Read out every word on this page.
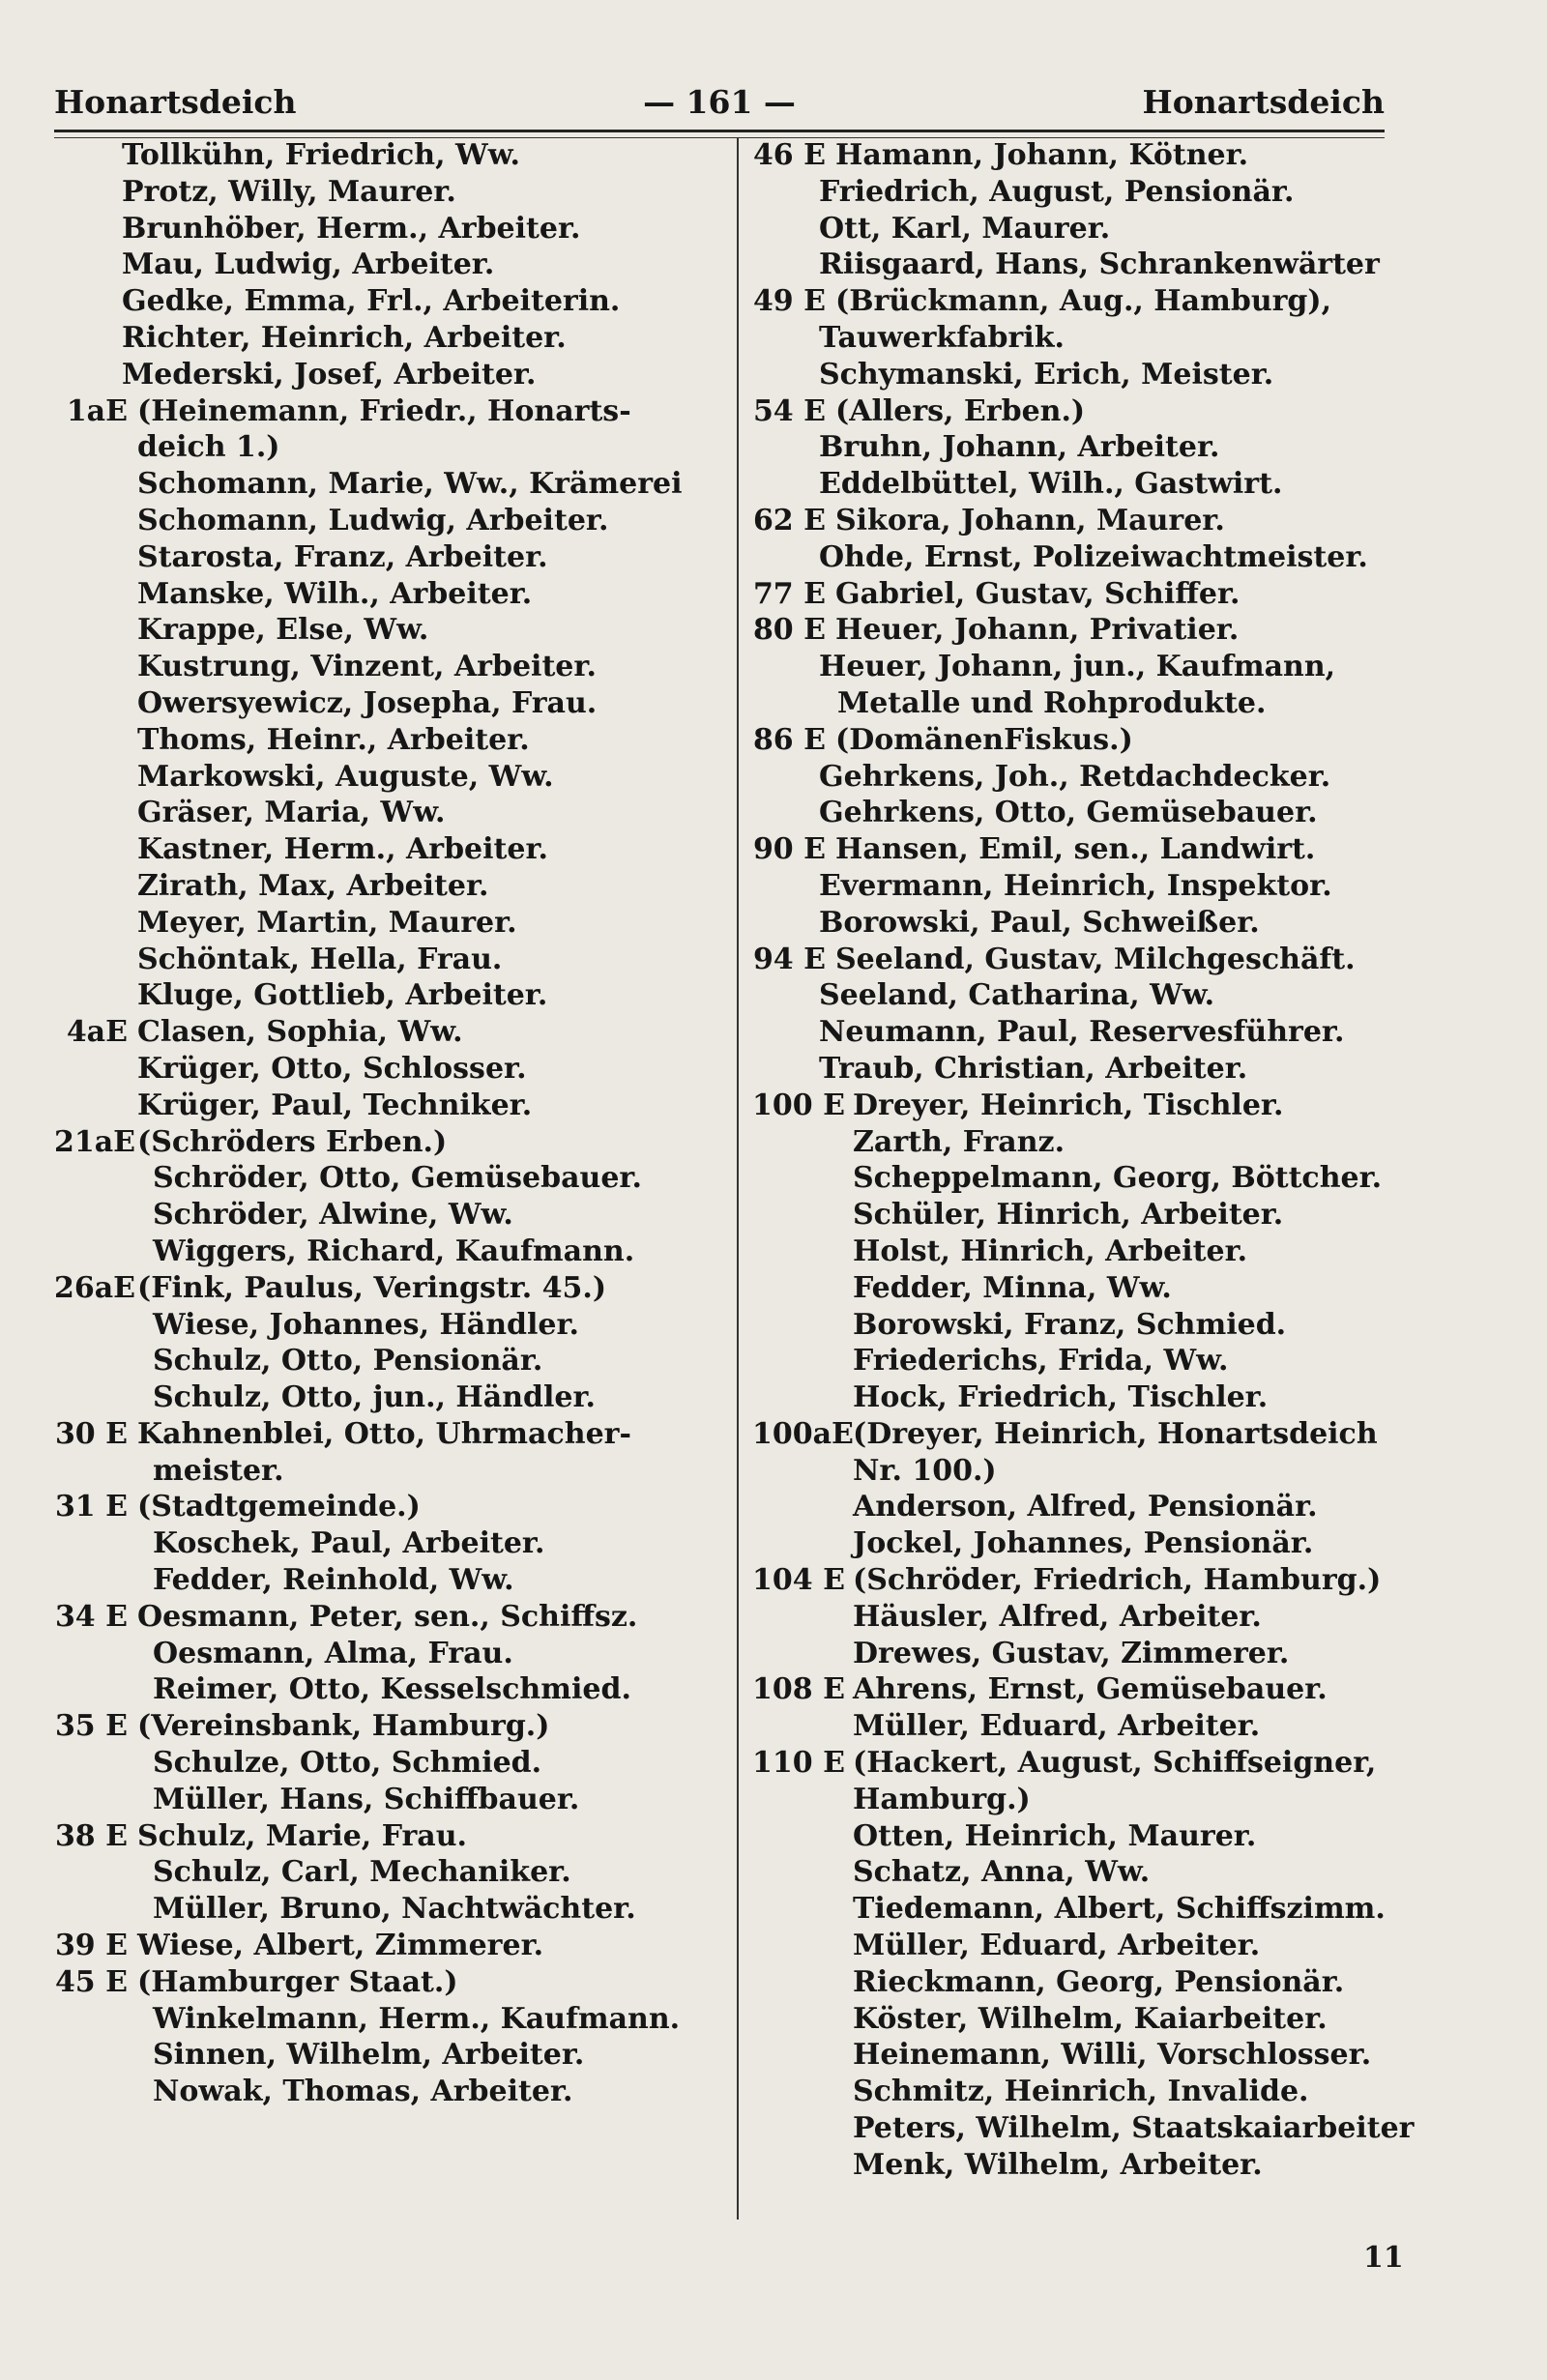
Honartsdeich	— 161 —	Honartsdeich
Tollkühn, Friedrich, Ww.
Protz, Willy, Maurer.
Brunhöber, Herm., Arbeiter.
Mau, Ludwig, Arbeiter.
Gedke, Emma, Frl., Arbeiterin.
Richter, Heinrich, Arbeiter.
Mederski, Josef, Arbeiter.
1aE (Heinemann, Friedr., Honarts-
deich 1.)
Schomann, Marie, Ww., Krämerei
Schomann, Ludwig, Arbeiter.
Starosta, Franz, Arbeiter.
Manske, Wilh., Arbeiter.
Krappe, Else, Ww.
Kustrung, Vinzent, Arbeiter.
Owersyewicz, Josepha, Frau.
Thoms, Heinr., Arbeiter.
Markowski, Auguste, Ww.
Gräser, Maria, Ww.
Kastner, Herm., Arbeiter.
Zirath, Max, Arbeiter.
Meyer, Martin, Maurer.
Schöntak, Hella, Frau.
Kluge, Gottlieb, Arbeiter.
4aE Clasen, Sophia, Ww.
Krüger, Otto, Schlosser.
Krüger, Paul, Techniker.
21aE(Schröders Erben.)
Schröder, Otto, Gemüsebauer.
Schröder, Alwine, Ww.
Wiggers, Richard, Kaufmann.
26aE(Fink, Paulus, Veringstr. 45.)
Wiese, Johannes, Händler.
Schulz, Otto, Pensionär.
Schulz, Otto, jun., Händler.
30 E Kahnenblei, Otto, Uhrmacher-
meister.
31 E (Stadtgemeinde.)
Koschek, Paul, Arbeiter.
Fedder, Reinhold, Ww.
34 E Oesmann, Peter, sen., Schiffsz.
Oesmann, Alma, Frau.
Reimer, Otto, Kesselschmied.
35 E (Vereinsbank, Hamburg.)
Schulze, Otto, Schmied.
Müller, Hans, Schiffbauer.
38 E Schulz, Marie, Frau.
Schulz, Carl, Mechaniker.
Müller, Bruno, Nachtwächter.
39 E Wiese, Albert, Zimmerer.
45 E (Hamburger Staat.)
Winkelmann, Herm., Kaufmann.
Sinnen, Wilhelm, Arbeiter.
Nowak, Thomas, Arbeiter.
46 E Hamann, Johann, Kötner.
Friedrich, August, Pensionär.
Ott, Karl, Maurer.
Riisgaard, Hans, Schrankenwärter
49 E (Brückmann, Aug., Hamburg),
Tauwerkfabrik.
Schymanski, Erich, Meister.
54 E (Allers, Erben.)
Bruhn, Johann, Arbeiter.
Eddelbüttel, Wilh., Gastwirt.
62 E Sikora, Johann, Maurer.
Ohde, Ernst, Polizeiwachtmeister.
77 E Gabriel, Gustav, Schiffer.
80 E Heuer, Johann, Privatier.
Heuer, Johann, jun., Kaufmann,
Metalle und Rohprodukte.
86 E (DomänenFiskus.)
Gehrkens, Joh., Retdachdecker.
Gehrkens, Otto, Gemüsebauer.
90 E Hansen, Emil, sen., Landwirt.
Evermann, Heinrich, Inspektor.
Borowski, Paul, Schweißer.
94 E Seeland, Gustav, Milchgeschäft.
Seeland, Catharina, Ww.
Neumann, Paul, Reservesführer.
Traub, Christian, Arbeiter.
100 E Dreyer, Heinrich, Tischler.
Zarth, Franz.
Scheppelmann, Georg, Böttcher.
Schüler, Hinrich, Arbeiter.
Holst, Hinrich, Arbeiter.
Fedder, Minna, Ww.
Borowski, Franz, Schmied.
Friederichs, Frida, Ww.
Hock, Friedrich, Tischler.
100aE(Dreyer, Heinrich, Honartsdeich
Nr. 100.)
Anderson, Alfred, Pensionär.
Jockel, Johannes, Pensionär.
104 E (Schröder, Friedrich, Hamburg.)
Häusler, Alfred, Arbeiter.
Drewes, Gustav, Zimmerer.
108 E Ahrens, Ernst, Gemüsebauer.
Müller, Eduard, Arbeiter.
110 E (Hackert, August, Schiffseigner,
Hamburg.)
Otten, Heinrich, Maurer.
Schatz, Anna, Ww.
Tiedemann, Albert, Schiffszimm.
Müller, Eduard, Arbeiter.
Rieckmann, Georg, Pensionär.
Köster, Wilhelm, Kaiarbeiter.
Heinemann, Willi, Vorschlosser.
Schmitz, Heinrich, Invalide.
Peters, Wilhelm, Staatskaiarbeiter
Menk, Wilhelm, Arbeiter.
11
